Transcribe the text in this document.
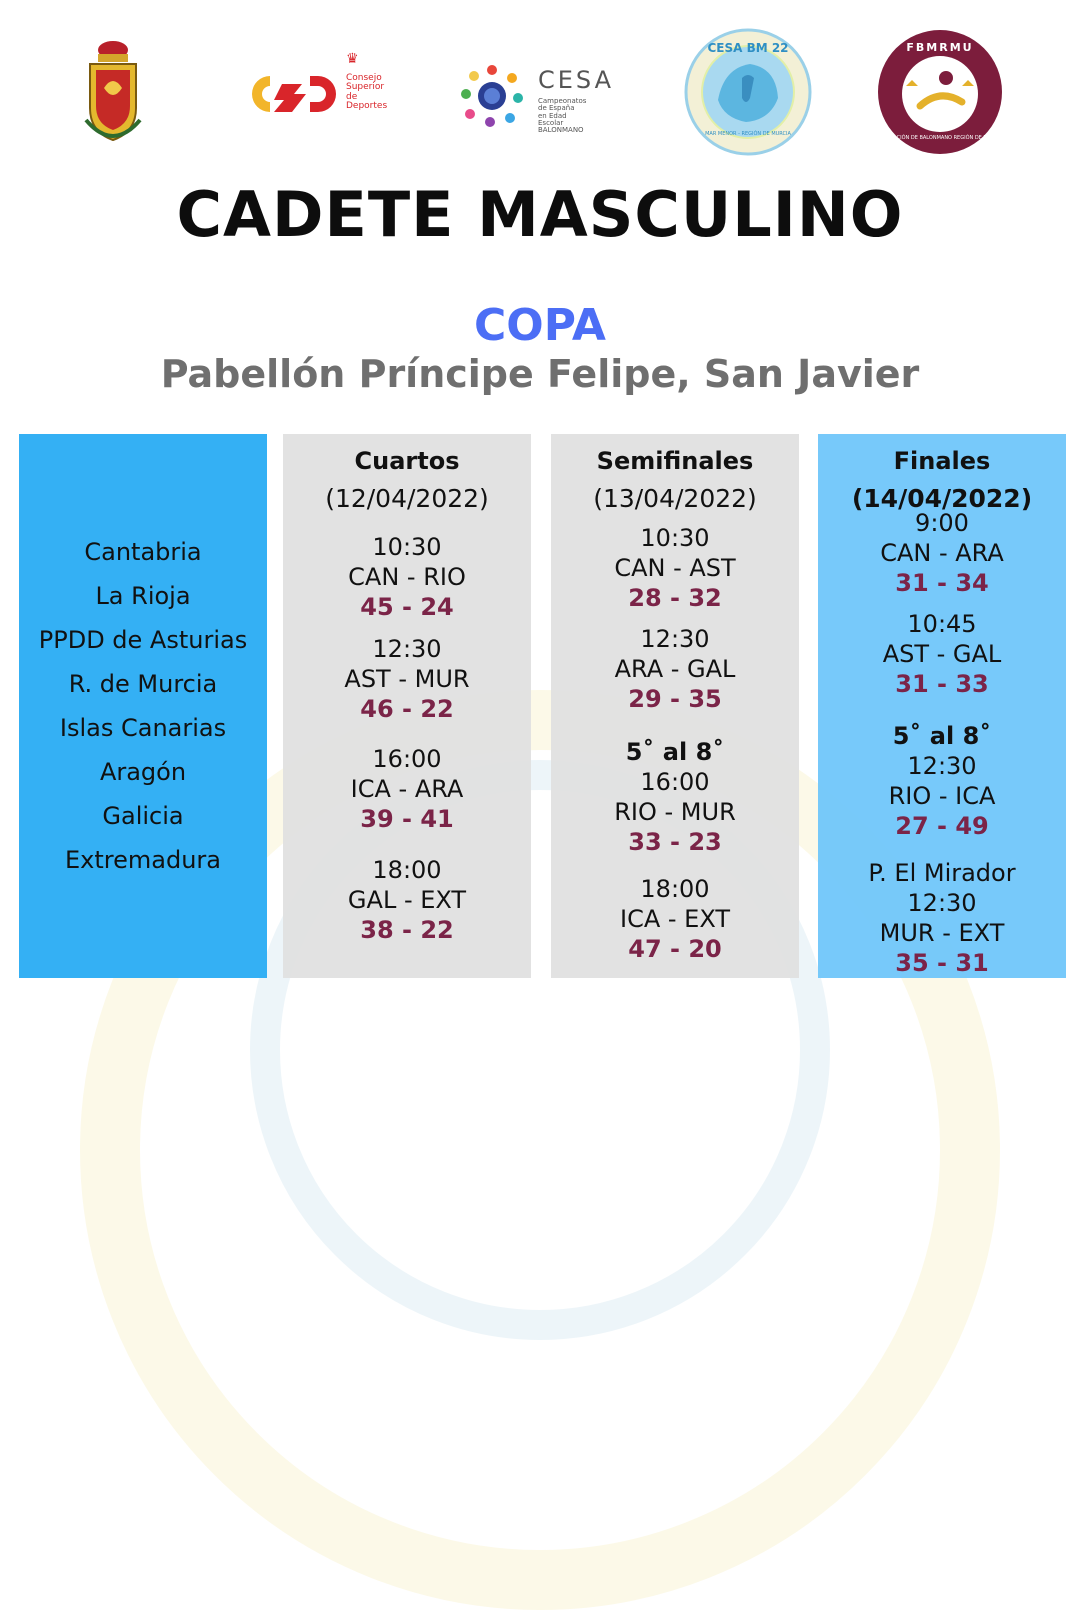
♛
Consejo
Superior
de Deportes
CESA
Campeonatos de España
en Edad Escolar
BALONMANO
CESA BM 22
MAR MENOR - REGIÓN DE MURCIA
FBMRMU
FEDERACIÓN DE BALONMANO REGIÓN DE MURCIA
CADETE MASCULINO
COPA
Pabellón Príncipe Felipe, San Javier
Cantabria
La Rioja
PPDD de Asturias
R. de Murcia
Islas Canarias
Aragón
Galicia
Extremadura
Cuartos
(12/04/2022)
10:30
CAN - RIO
45 - 24
12:30
AST - MUR
46 - 22
16:00
ICA - ARA
39 - 41
18:00
GAL - EXT
38 - 22
Semifinales
(13/04/2022)
10:30
CAN - AST
28 - 32
12:30
ARA - GAL
29 - 35
5˚ al 8˚
16:00
RIO - MUR
33 - 23
18:00
ICA - EXT
47 - 20
Finales
(14/04/2022)
9:00
CAN - ARA
31 - 34
10:45
AST - GAL
31 - 33
5˚ al 8˚
12:30
RIO - ICA
27 - 49
P. El Mirador
12:30
MUR - EXT
35 - 31
